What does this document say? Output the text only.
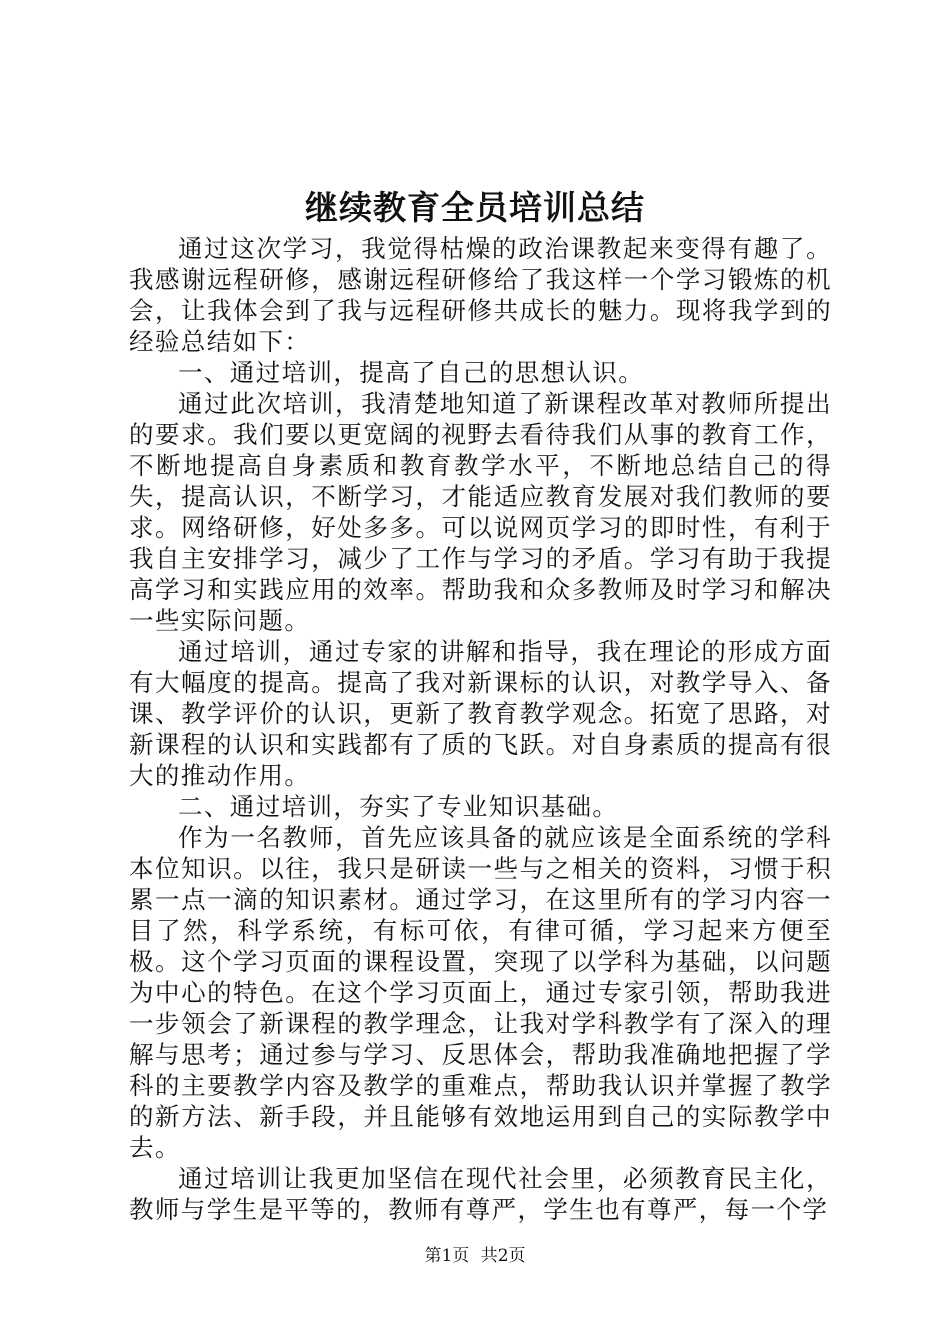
继续教育全员培训总结

通过这次学习，我觉得枯燥的政治课教起来变得有趣了。我感谢远程研修，感谢远程研修给了我这样一个学习锻炼的机会，让我体会到了我与远程研修共成长的魅力。现将我学到的经验总结如下：

一、通过培训，提高了自己的思想认识。

通过此次培训，我清楚地知道了新课程改革对教师所提出的要求。我们要以更宽阔的视野去看待我们从事的教育工作，不断地提高自身素质和教育教学水平，不断地总结自己的得失，提高认识，不断学习，才能适应教育发展对我们教师的要求。网络研修，好处多多。可以说网页学习的即时性，有利于我自主安排学习，减少了工作与学习的矛盾。学习有助于我提高学习和实践应用的效率。帮助我和众多教师及时学习和解决一些实际问题。

通过培训，通过专家的讲解和指导，我在理论的形成方面有大幅度的提高。提高了我对新课标的认识，对教学导入、备课、教学评价的认识，更新了教育教学观念。拓宽了思路，对新课程的认识和实践都有了质的飞跃。对自身素质的提高有很大的推动作用。

二、通过培训，夯实了专业知识基础。

作为一名教师，首先应该具备的就应该是全面系统的学科本位知识。以往，我只是研读一些与之相关的资料，习惯于积累一点一滴的知识素材。通过学习，在这里所有的学习内容一目了然，科学系统，有标可依，有律可循，学习起来方便至极。这个学习页面的课程设置，突现了以学科为基础，以问题为中心的特色。在这个学习页面上，通过专家引领，帮助我进一步领会了新课程的教学理念，让我对学科教学有了深入的理解与思考；通过参与学习、反思体会，帮助我准确地把握了学科的主要教学内容及教学的重难点，帮助我认识并掌握了教学的新方法、新手段，并且能够有效地运用到自己的实际教学中去。

通过培训让我更加坚信在现代社会里，必须教育民主化，教师与学生是平等的，教师有尊严，学生也有尊严，每一个学

第1页 共2页
